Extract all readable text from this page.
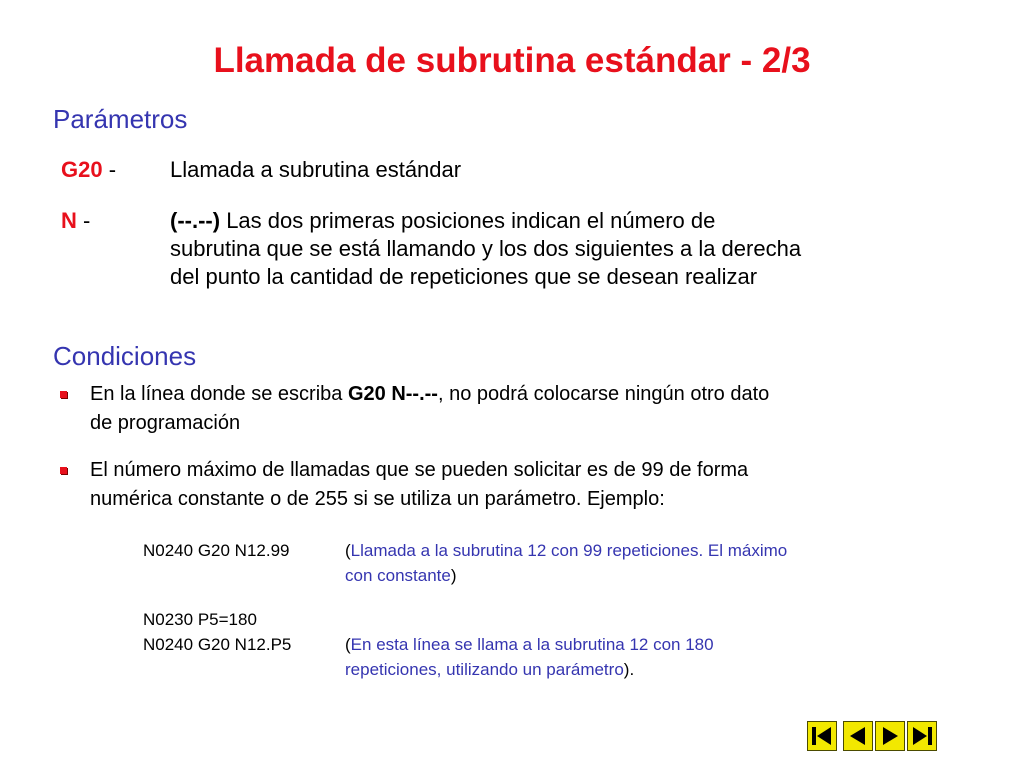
Llamada de subrutina estándar - 2/3
Parámetros
G20 - Llamada a subrutina estándar
N -	(--.--) Las dos primeras posiciones indican el número de
subrutina que se está llamando y los dos siguientes a la derecha
del punto la cantidad de repeticiones que se desean realizar
Condiciones
En la línea donde se escriba G20 N--.--, no podrá colocarse ningún otro dato
de programación
El número máximo de llamadas que se pueden solicitar es de 99 de forma
numérica constante o de 255 si se utiliza un parámetro. Ejemplo:
N0240 G20 N12.99	(Llamada a la subrutina 12 con 99 repeticiones. El máximo
con constante)
N0230 P5=180
N0240 G20 N12.P5	(En esta línea se llama a la subrutina 12 con 180
repeticiones, utilizando un parámetro).
